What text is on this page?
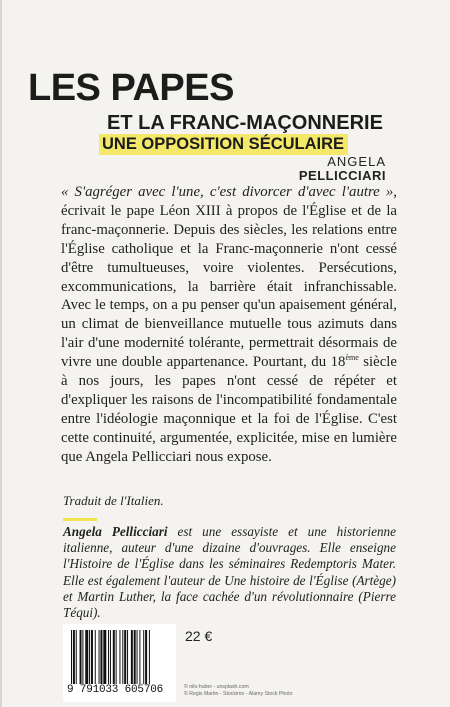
LES PAPES
ET LA FRANC-MAÇONNERIE
UNE OPPOSITION SÉCULAIRE
ANGELA
PELLICCIARI

« S'agréger avec l'une, c'est divorcer d'avec l'autre », écrivait le pape Léon XIII à propos de l'Église et de la franc-maçonnerie. Depuis des siècles, les relations entre l'Église catholique et la Franc-maçonnerie n'ont cessé d'être tumultueuses, voire violentes. Persécutions, excommunications, la barrière était infranchissable. Avec le temps, on a pu penser qu'un apaisement général, un climat de bienveillance mutuelle tous azimuts dans l'air d'une modernité tolérante, permettrait désormais de vivre une double appartenance. Pourtant, du 18ème siècle à nos jours, les papes n'ont cessé de répéter et d'expliquer les raisons de l'incompatibilité fondamentale entre l'idéologie maçonnique et la foi de l'Église. C'est cette continuité, argumentée, explicitée, mise en lumière que Angela Pellicciari nous expose.

Traduit de l'Italien.
Angela Pellicciari est une essayiste et une historienne italienne, auteur d'une dizaine d'ouvrages. Elle enseigne l'Histoire de l'Église dans les séminaires Redemptoris Mater. Elle est également l'auteur de Une histoire de l'Église (Artège) et Martin Luther, la face cachée d'un révolutionnaire (Pierre Téqui).
9 791033 605706
22 €
© nils-huber - unsplash.com
© Regis Martin - Stockimo - Alamy Stock Photo
